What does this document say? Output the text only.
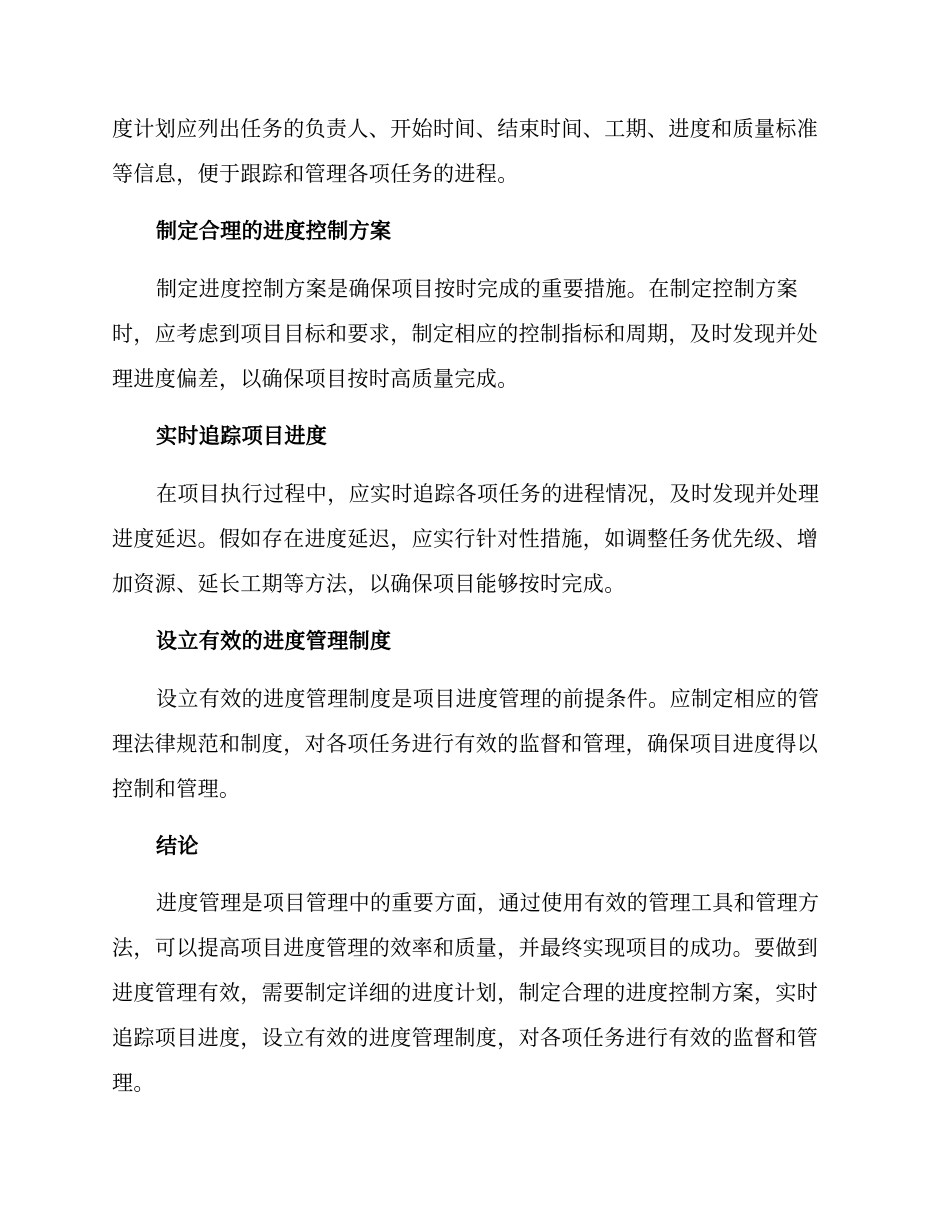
度计划应列出任务的负责人、开始时间、结束时间、工期、进度和质量标准
等信息，便于跟踪和管理各项任务的进程。
制定合理的进度控制方案
制定进度控制方案是确保项目按时完成的重要措施。在制定控制方案
时，应考虑到项目目标和要求，制定相应的控制指标和周期，及时发现并处
理进度偏差，以确保项目按时高质量完成。
实时追踪项目进度
在项目执行过程中，应实时追踪各项任务的进程情况，及时发现并处理
进度延迟。假如存在进度延迟，应实行针对性措施，如调整任务优先级、增
加资源、延长工期等方法，以确保项目能够按时完成。
设立有效的进度管理制度
设立有效的进度管理制度是项目进度管理的前提条件。应制定相应的管
理法律规范和制度，对各项任务进行有效的监督和管理，确保项目进度得以
控制和管理。
结论
进度管理是项目管理中的重要方面，通过使用有效的管理工具和管理方
法，可以提高项目进度管理的效率和质量，并最终实现项目的成功。要做到
进度管理有效，需要制定详细的进度计划，制定合理的进度控制方案，实时
追踪项目进度，设立有效的进度管理制度，对各项任务进行有效的监督和管
理。
